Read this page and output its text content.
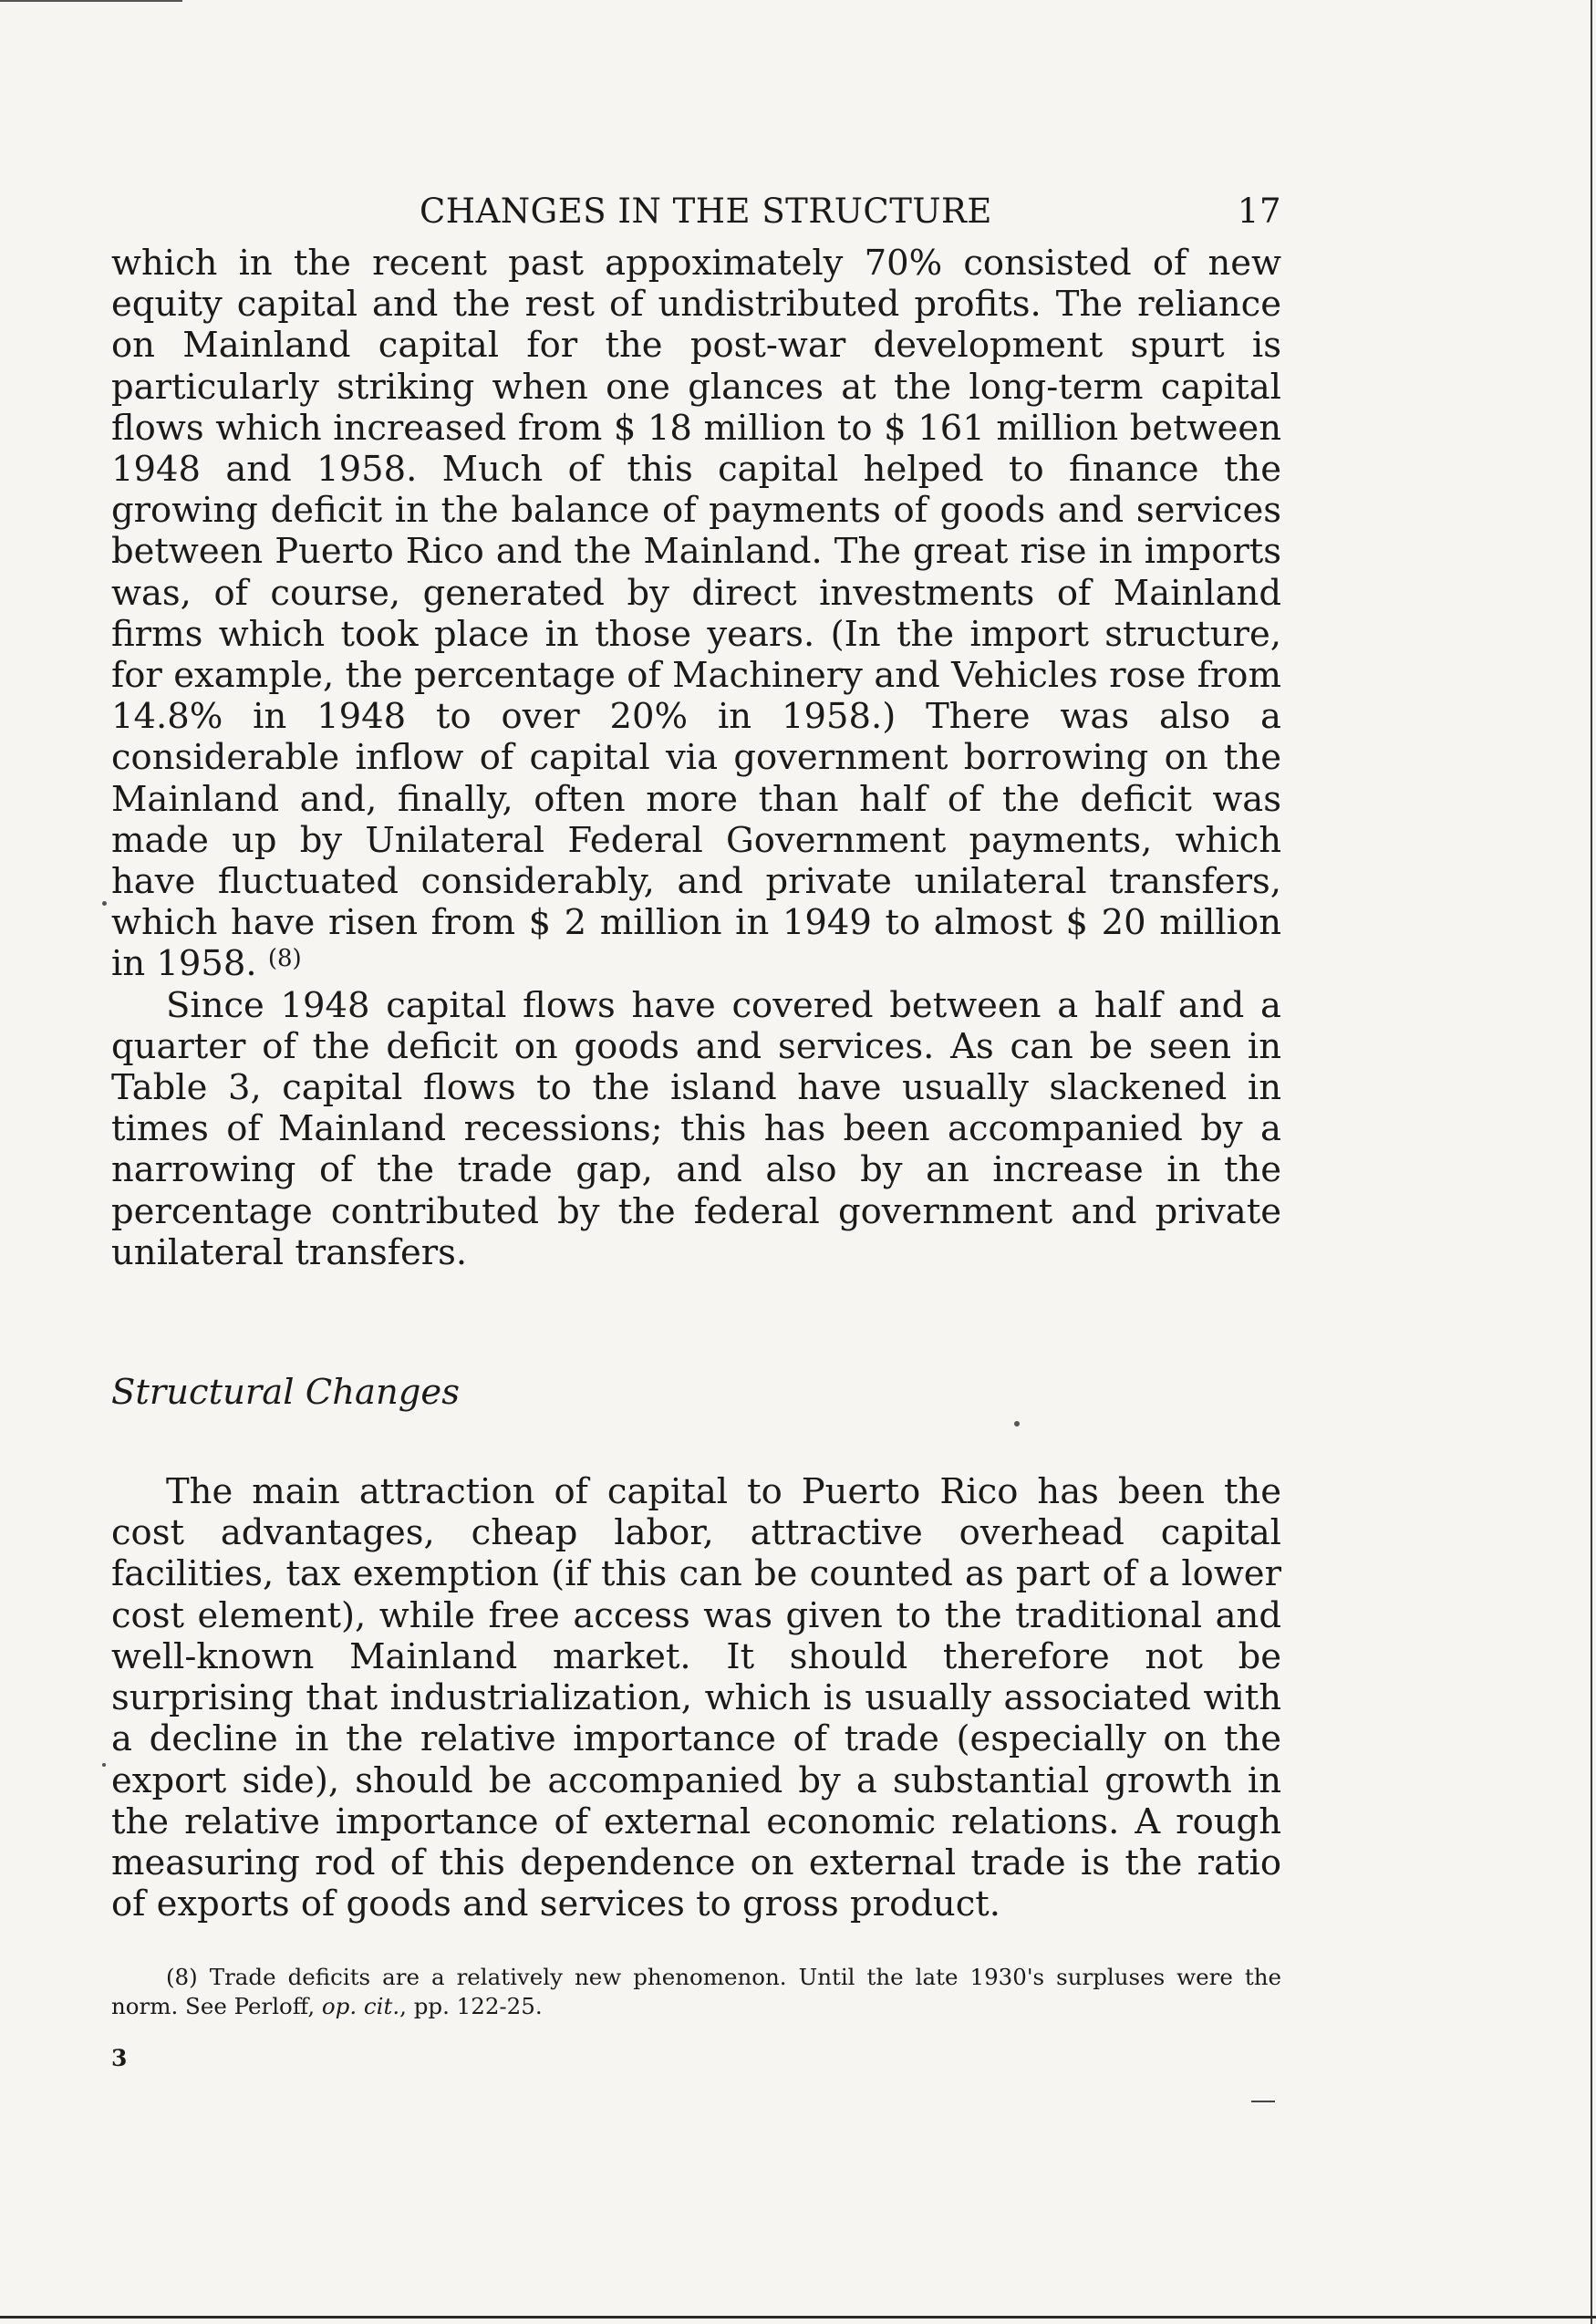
CHANGES IN THE STRUCTURE	17

which in the recent past appoximately 70% consisted of new equity capital and the rest of undistributed profits. The reliance on Mainland capital for the post-war development spurt is particularly striking when one glances at the long-term capital flows which increased from $ 18 million to $ 161 million between 1948 and 1958. Much of this capital helped to finance the growing deficit in the balance of payments of goods and services between Puerto Rico and the Mainland. The great rise in imports was, of course, generated by direct investments of Mainland firms which took place in those years. (In the import structure, for example, the percentage of Machinery and Vehicles rose from 14.8% in 1948 to over 20% in 1958.) There was also a considerable inflow of capital via government borrowing on the Mainland and, finally, often more than half of the deficit was made up by Unilateral Federal Government payments, which have fluctuated considerably, and private unilateral transfers, which have risen from $ 2 million in 1949 to almost $ 20 million in 1958. $^{(8)}$

Since 1948 capital flows have covered between a half and a quarter of the deficit on goods and services. As can be seen in Table 3, capital flows to the island have usually slackened in times of Mainland recessions; this has been accompanied by a narrowing of the trade gap, and also by an increase in the percentage contributed by the federal government and private unilateral transfers.

Structural Changes

The main attraction of capital to Puerto Rico has been the cost advantages, cheap labor, attractive overhead capital facilities, tax exemption (if this can be counted as part of a lower cost element), while free access was given to the traditional and well-known Mainland market. It should therefore not be surprising that industrialization, which is usually associated with a decline in the relative importance of trade (especially on the export side), should be accompanied by a substantial growth in the relative importance of external economic relations. A rough measuring rod of this dependence on external trade is the ratio of exports of goods and services to gross product.

(8) Trade deficits are a relatively new phenomenon. Until the late 1930's surpluses were the norm. See Perloff, op. cit., pp. 122-25.
3
